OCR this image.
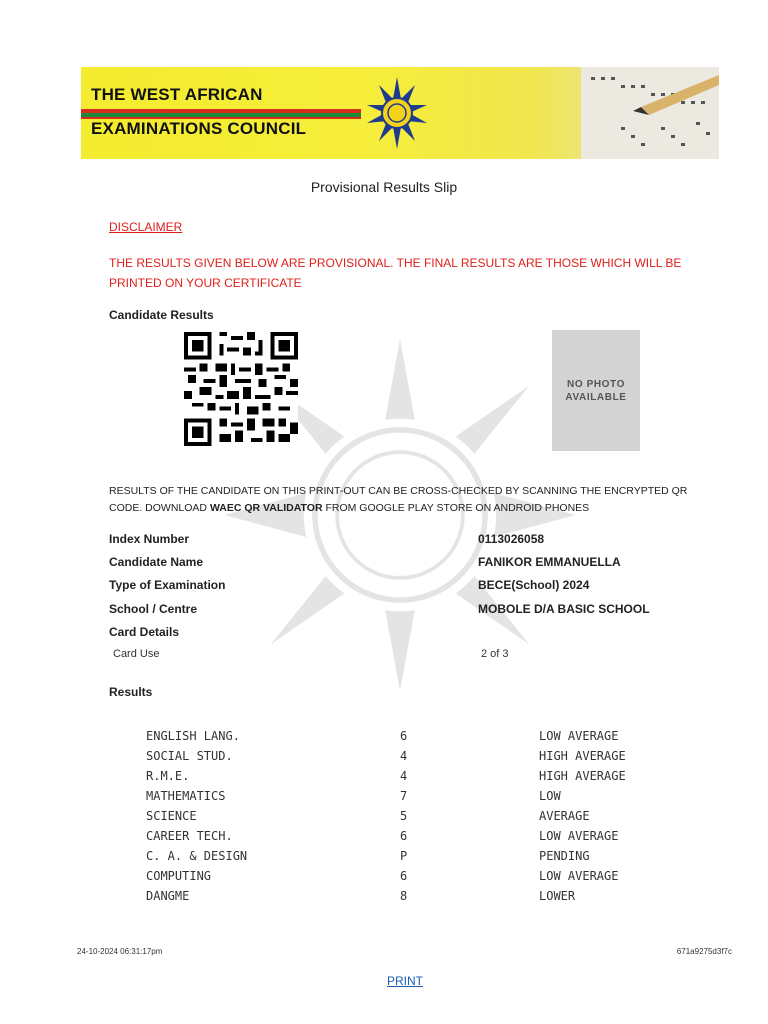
THE WEST AFRICAN
EXAMINATIONS COUNCIL
Provisional Results Slip
DISCLAIMER
THE RESULTS GIVEN BELOW ARE PROVISIONAL. THE FINAL RESULTS ARE THOSE WHICH WILL BE PRINTED ON YOUR CERTIFICATE
Candidate Results
NO PHOTO
AVAILABLE
RESULTS OF THE CANDIDATE ON THIS PRINT-OUT CAN BE CROSS-CHECKED BY SCANNING THE ENCRYPTED QR CODE. DOWNLOAD WAEC QR VALIDATOR FROM GOOGLE PLAY STORE ON ANDROID PHONES
Index Number	0113026058
Candidate Name	FANIKOR EMMANUELLA
Type of Examination	BECE(School) 2024
School / Centre	MOBOLE D/A BASIC SCHOOL
Card Details
Card Use	2 of 3
Results
ENGLISH LANG.	6	LOW AVERAGE
SOCIAL STUD.	4	HIGH AVERAGE
R.M.E.	4	HIGH AVERAGE
MATHEMATICS	7	LOW
SCIENCE	5	AVERAGE
CAREER TECH.	6	LOW AVERAGE
C. A. & DESIGN	P	PENDING
COMPUTING	6	LOW AVERAGE
DANGME	8	LOWER
24-10-2024 06:31:17pm	671a9275d3f7c
PRINT
